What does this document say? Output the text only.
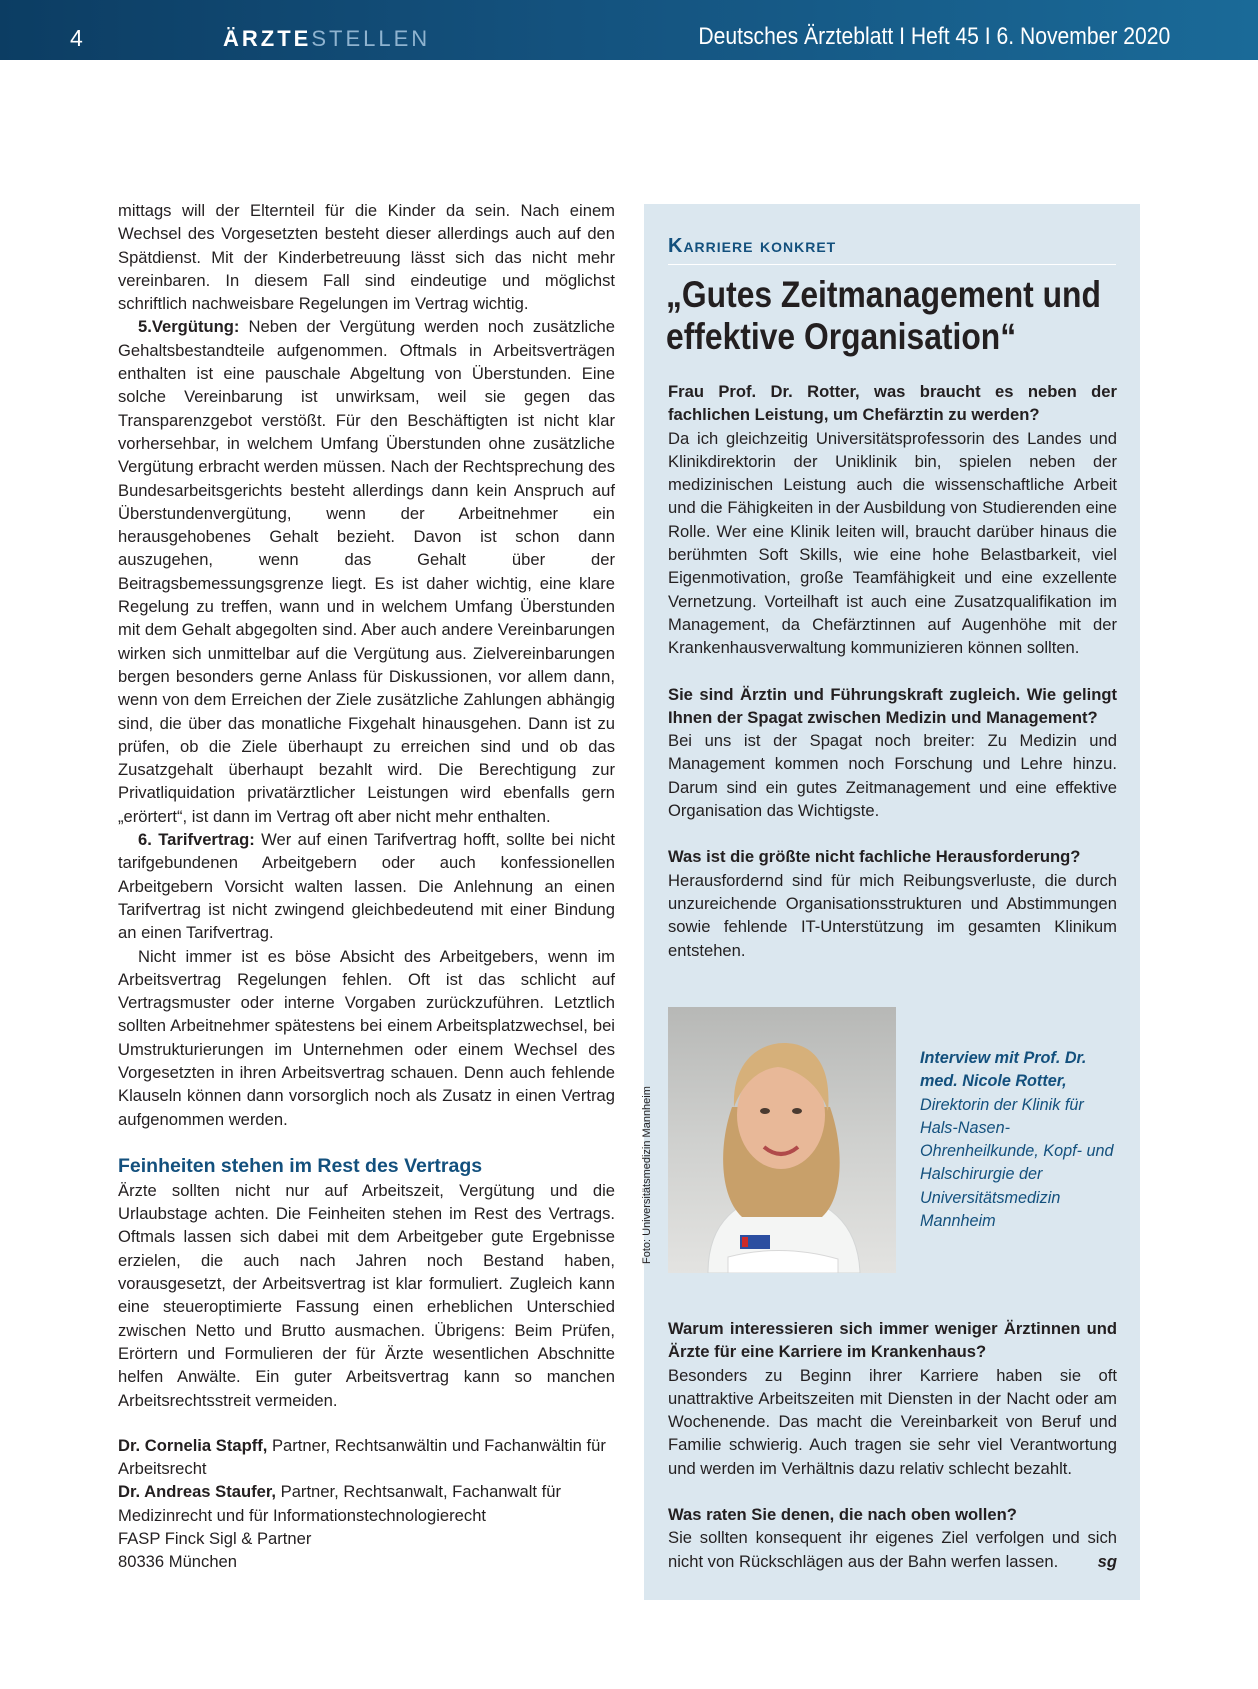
4	ÄRZTESTELLEN	Deutsches Ärzteblatt I Heft 45 I 6. November 2020

mittags will der Elternteil für die Kinder da sein. Nach einem Wechsel des Vorgesetzten besteht dieser allerdings auch auf den Spätdienst. Mit der Kinderbetreuung lässt sich das nicht mehr vereinbaren. In diesem Fall sind eindeutige und möglichst schriftlich nachweisbare Regelungen im Vertrag wichtig.

5.Vergütung: Neben der Vergütung werden noch zusätzliche Gehaltsbestandteile aufgenommen. Oftmals in Arbeitsverträgen enthalten ist eine pauschale Abgeltung von Überstunden. Eine solche Vereinbarung ist unwirksam, weil sie gegen das Transparenzgebot verstößt. Für den Beschäftigten ist nicht klar vorhersehbar, in welchem Umfang Überstunden ohne zusätzliche Vergütung erbracht werden müssen. Nach der Rechtsprechung des Bundesarbeitsgerichts besteht allerdings dann kein Anspruch auf Überstundenvergütung, wenn der Arbeitnehmer ein herausgehobenes Gehalt bezieht. Davon ist schon dann auszugehen, wenn das Gehalt über der Beitragsbemessungsgrenze liegt. Es ist daher wichtig, eine klare Regelung zu treffen, wann und in welchem Umfang Überstunden mit dem Gehalt abgegolten sind. Aber auch andere Vereinbarungen wirken sich unmittelbar auf die Vergütung aus. Zielvereinbarungen bergen besonders gerne Anlass für Diskussionen, vor allem dann, wenn von dem Erreichen der Ziele zusätzliche Zahlungen abhängig sind, die über das monatliche Fixgehalt hinausgehen. Dann ist zu prüfen, ob die Ziele überhaupt zu erreichen sind und ob das Zusatzgehalt überhaupt bezahlt wird. Die Berechtigung zur Privatliquidation privatärztlicher Leistungen wird ebenfalls gern „erörtert“, ist dann im Vertrag oft aber nicht mehr enthalten.

6. Tarifvertrag: Wer auf einen Tarifvertrag hofft, sollte bei nicht tarifgebundenen Arbeitgebern oder auch konfessionellen Arbeitgebern Vorsicht walten lassen. Die Anlehnung an einen Tarifvertrag ist nicht zwingend gleichbedeutend mit einer Bindung an einen Tarifvertrag.

Nicht immer ist es böse Absicht des Arbeitgebers, wenn im Arbeitsvertrag Regelungen fehlen. Oft ist das schlicht auf Vertragsmuster oder interne Vorgaben zurückzuführen. Letztlich sollten Arbeitnehmer spätestens bei einem Arbeitsplatzwechsel, bei Umstrukturierungen im Unternehmen oder einem Wechsel des Vorgesetzten in ihren Arbeitsvertrag schauen. Denn auch fehlende Klauseln können dann vorsorglich noch als Zusatz in einen Vertrag aufgenommen werden.

Feinheiten stehen im Rest des Vertrags

Ärzte sollten nicht nur auf Arbeitszeit, Vergütung und die Urlaubstage achten. Die Feinheiten stehen im Rest des Vertrags. Oftmals lassen sich dabei mit dem Arbeitgeber gute Ergebnisse erzielen, die auch nach Jahren noch Bestand haben, vorausgesetzt, der Arbeitsvertrag ist klar formuliert. Zugleich kann eine steueroptimierte Fassung einen erheblichen Unterschied zwischen Netto und Brutto ausmachen. Übrigens: Beim Prüfen, Erörtern und Formulieren der für Ärzte wesentlichen Abschnitte helfen Anwälte. Ein guter Arbeitsvertrag kann so manchen Arbeitsrechtsstreit vermeiden.

Dr. Cornelia Stapff, Partner, Rechtsanwältin und Fachanwältin für Arbeitsrecht

Dr. Andreas Staufer, Partner, Rechtsanwalt, Fachanwalt für Medizinrecht und für Informationstechnologierecht

FASP Finck Sigl & Partner

80336 München

Karriere konkret
„Gutes Zeitmanagement und effektive Organisation“

Frau Prof. Dr. Rotter, was braucht es neben der fachlichen Leistung, um Chefärztin zu werden?

Da ich gleichzeitig Universitätsprofessorin des Landes und Klinikdirektorin der Uniklinik bin, spielen neben der medizinischen Leistung auch die wissenschaftliche Arbeit und die Fähigkeiten in der Ausbildung von Studierenden eine Rolle. Wer eine Klinik leiten will, braucht darüber hinaus die berühmten Soft Skills, wie eine hohe Belastbarkeit, viel Eigenmotivation, große Teamfähigkeit und eine exzellente Vernetzung. Vorteilhaft ist auch eine Zusatzqualifikation im Management, da Chefärztinnen auf Augenhöhe mit der Krankenhausverwaltung kommunizieren können sollten.

Sie sind Ärztin und Führungskraft zugleich. Wie gelingt Ihnen der Spagat zwischen Medizin und Management?

Bei uns ist der Spagat noch breiter: Zu Medizin und Management kommen noch Forschung und Lehre hinzu. Darum sind ein gutes Zeitmanagement und eine effektive Organisation das Wichtigste.

Was ist die größte nicht fachliche Herausforderung?

Herausfordernd sind für mich Reibungsverluste, die durch unzureichende Organisationsstrukturen und Abstimmungen sowie fehlende IT-Unterstützung im gesamten Klinikum entstehen.

Foto: Universitätsmedizin Mannheim
Interview mit Prof. Dr. med. Nicole Rotter, Direktorin der Klinik für Hals-Nasen-Ohrenheilkunde, Kopf- und Halschirurgie der Universitätsmedizin Mannheim

Warum interessieren sich immer weniger Ärztinnen und Ärzte für eine Karriere im Krankenhaus?

Besonders zu Beginn ihrer Karriere haben sie oft unattraktive Arbeitszeiten mit Diensten in der Nacht oder am Wochenende. Das macht die Vereinbarkeit von Beruf und Familie schwierig. Auch tragen sie sehr viel Verantwortung und werden im Verhältnis dazu relativ schlecht bezahlt.

Was raten Sie denen, die nach oben wollen?

Sie sollten konsequent ihr eigenes Ziel verfolgen und sich nicht von Rückschlägen aus der Bahn werfen lassen. sg
